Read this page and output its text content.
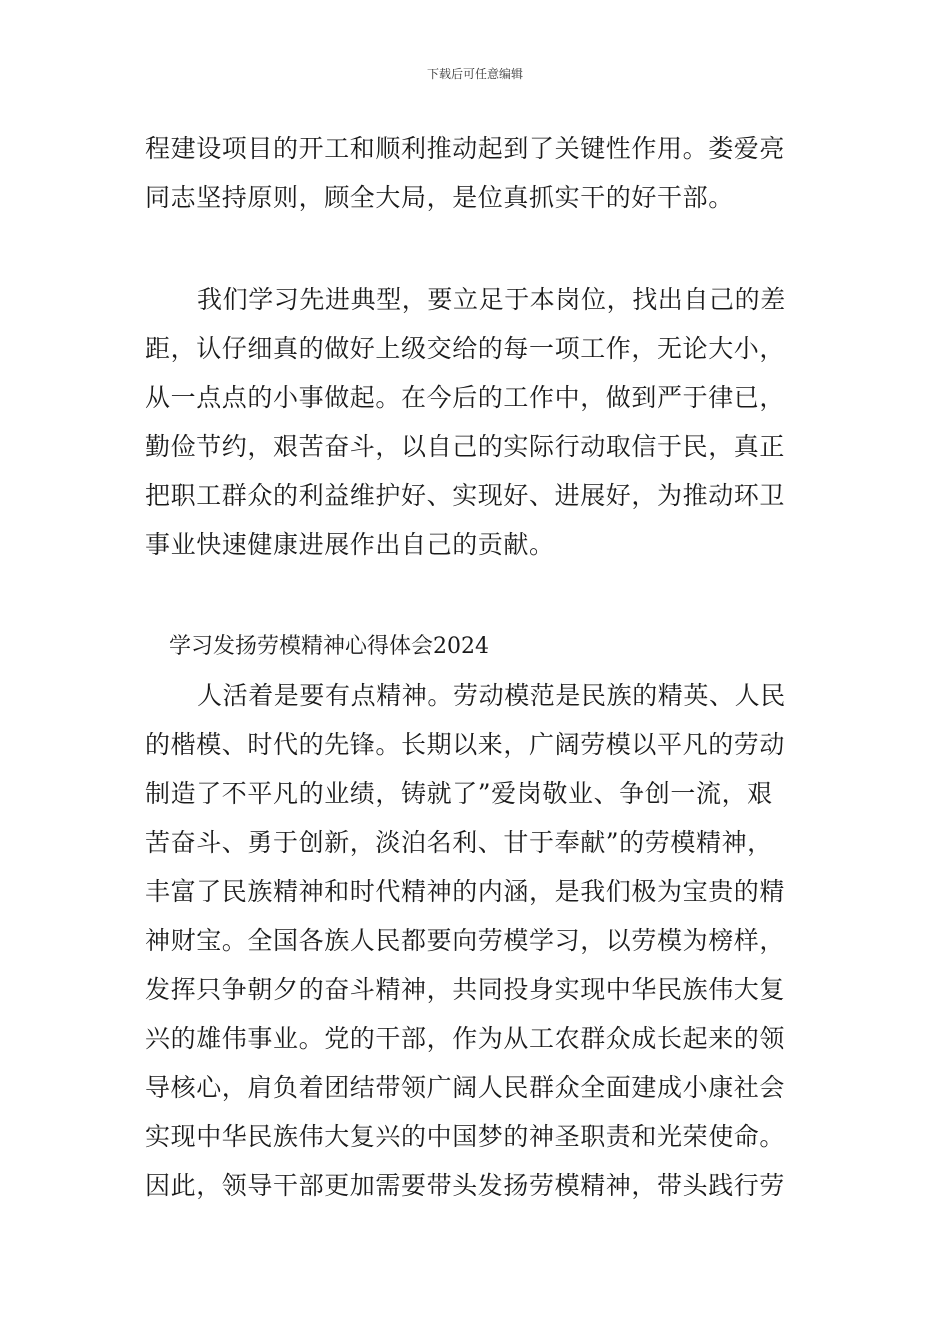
下载后可任意编辑
程建设项目的开工和顺利推动起到了关键性作用。娄爱亮
同志坚持原则，顾全大局，是位真抓实干的好干部。
我们学习先进典型，要立足于本岗位，找出自己的差
距，认仔细真的做好上级交给的每一项工作，无论大小，
从一点点的小事做起。在今后的工作中，做到严于律已，
勤俭节约，艰苦奋斗，以自己的实际行动取信于民，真正
把职工群众的利益维护好、实现好、进展好，为推动环卫
事业快速健康进展作出自己的贡献。
学习发扬劳模精神心得体会2024
人活着是要有点精神。劳动模范是民族的精英、人民
的楷模、时代的先锋。长期以来，广阔劳模以平凡的劳动
制造了不平凡的业绩，铸就了”爱岗敬业、争创一流，艰
苦奋斗、勇于创新，淡泊名利、甘于奉献”的劳模精神，
丰富了民族精神和时代精神的内涵，是我们极为宝贵的精
神财宝。全国各族人民都要向劳模学习，以劳模为榜样，
发挥只争朝夕的奋斗精神，共同投身实现中华民族伟大复
兴的雄伟事业。党的干部，作为从工农群众成长起来的领
导核心，肩负着团结带领广阔人民群众全面建成小康社会
实现中华民族伟大复兴的中国梦的神圣职责和光荣使命。
因此，领导干部更加需要带头发扬劳模精神，带头践行劳
